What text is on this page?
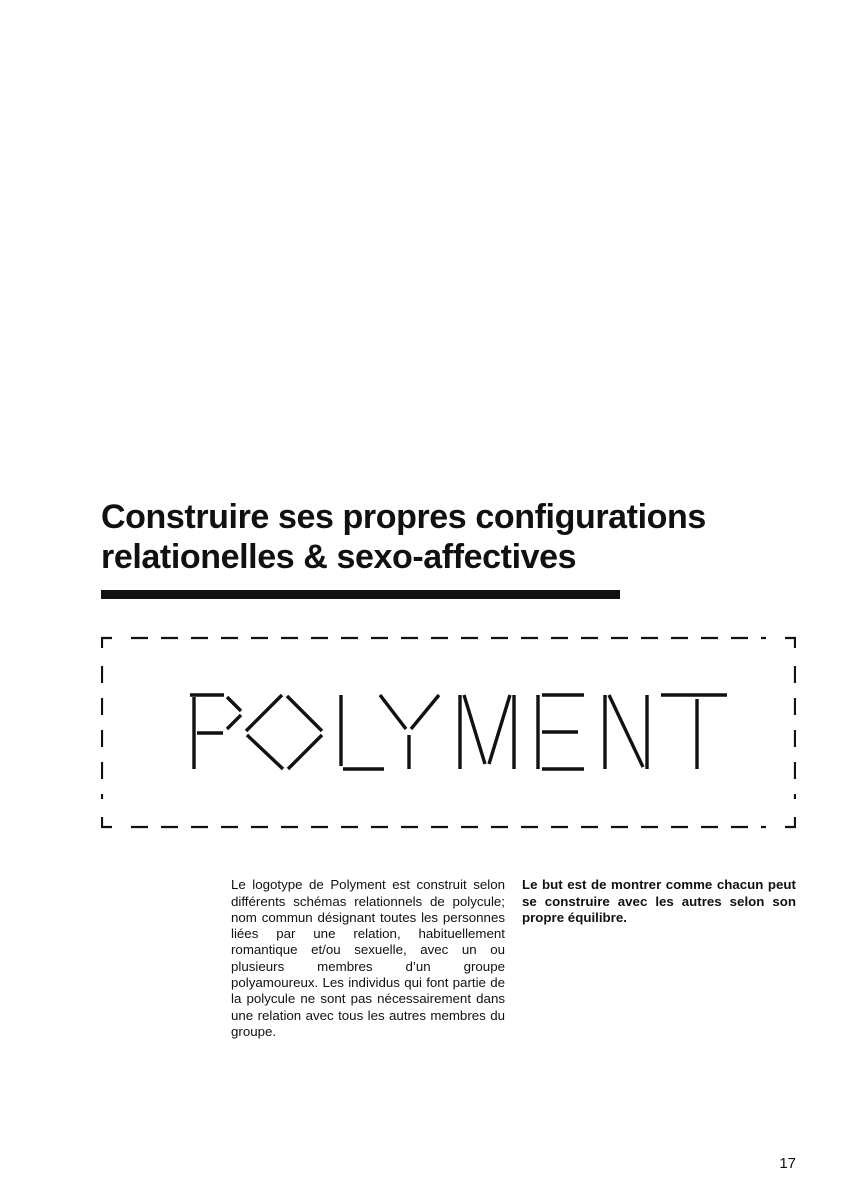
Construire ses propres configurations
relationelles & sexo-affectives

Le logotype de Polyment est construit selon différents schémas relationnels de polycule; nom commun désignant toutes les personnes liées par une relation, habituellement romantique et/ou sexuelle, avec un ou plusieurs membres d’un groupe polyamoureux. Les individus qui font partie de la polycule ne sont pas nécessairement dans une relation avec tous les autres membres du groupe.

Le but est de montrer comme chacun peut se construire avec les autres selon son propre équilibre.

17
